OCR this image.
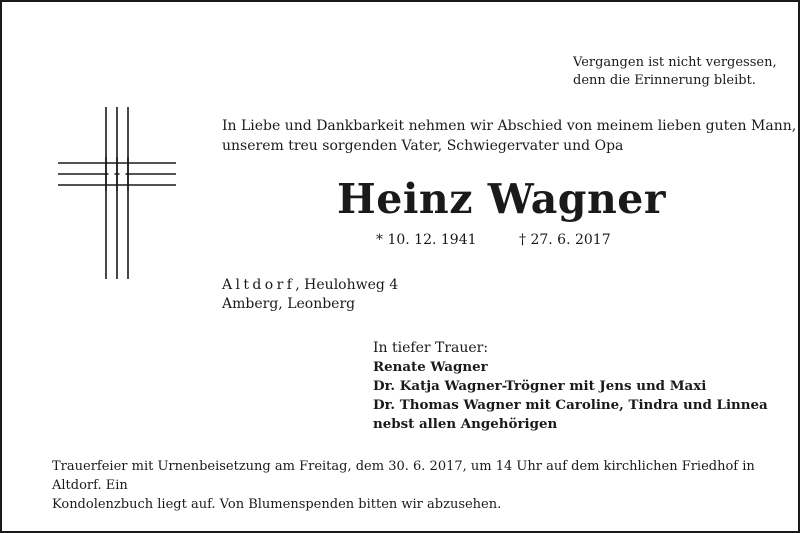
Vergangen ist nicht vergessen,
denn die Erinnerung bleibt.
In Liebe und Dankbarkeit nehmen wir Abschied von meinem lieben guten Mann,
unserem treu sorgenden Vater, Schwiegervater und Opa
Heinz Wagner
* 10. 12. 1941	† 27. 6. 2017
Altdorf, Heulohweg 4
Amberg, Leonberg
In tiefer Trauer:
Renate Wagner
Dr. Katja Wagner-Trögner mit Jens und Maxi
Dr. Thomas Wagner mit Caroline, Tindra und Linnea
nebst allen Angehörigen
Trauerfeier mit Urnenbeisetzung am Freitag, dem 30. 6. 2017, um 14 Uhr auf dem kirchlichen Friedhof in Altdorf. Ein
Kondolenzbuch liegt auf. Von Blumenspenden bitten wir abzusehen.
